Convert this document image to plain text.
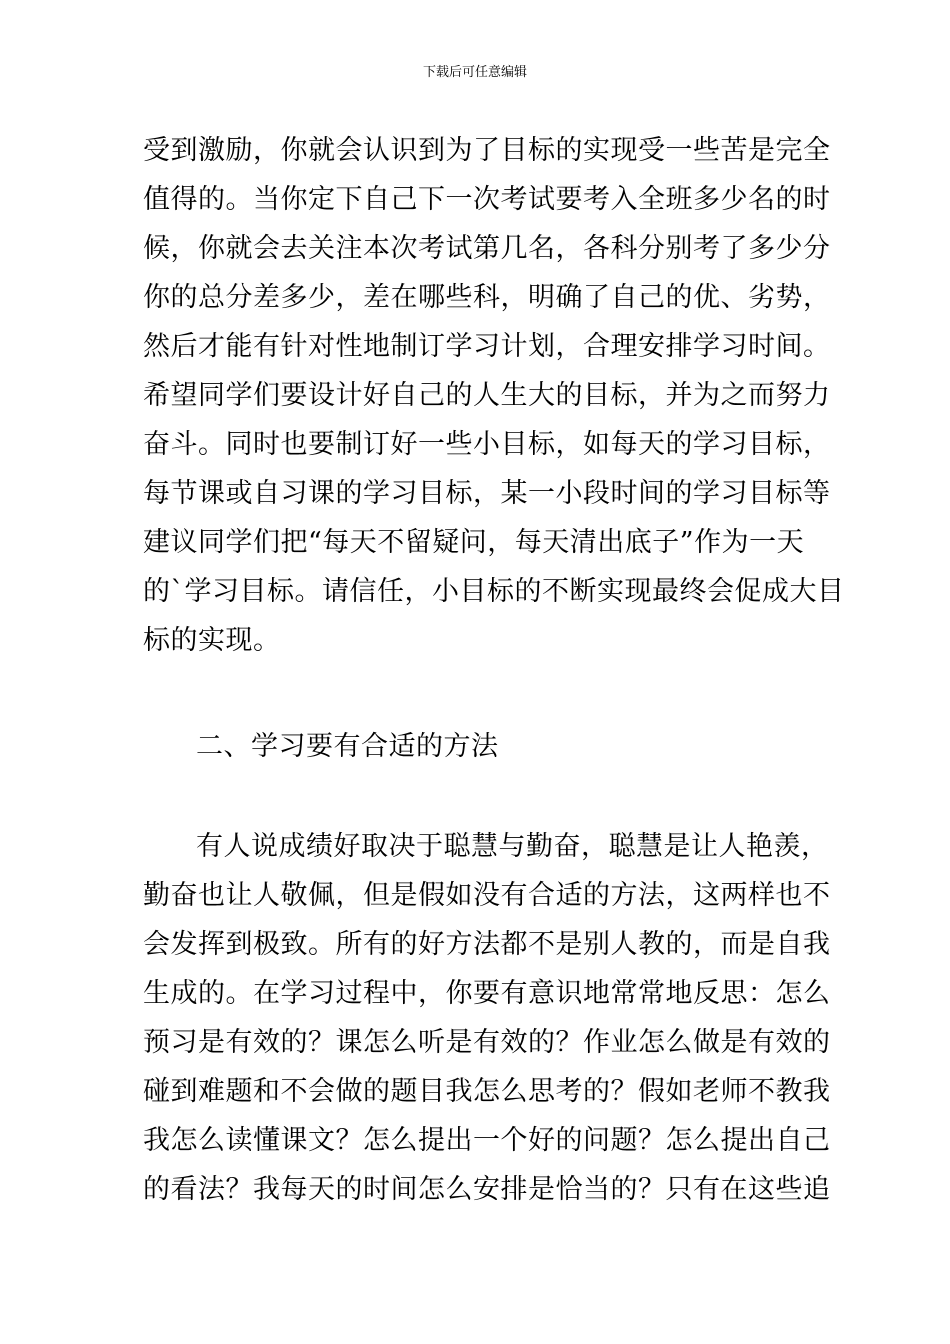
下载后可任意编辑
受到激励，你就会认识到为了目标的实现受一些苦是完全
值得的。当你定下自己下一次考试要考入全班多少名的时
候，你就会去关注本次考试第几名，各科分别考了多少分
你的总分差多少，差在哪些科，明确了自己的优、劣势，
然后才能有针对性地制订学习计划，合理安排学习时间。
希望同学们要设计好自己的人生大的目标，并为之而努力
奋斗。同时也要制订好一些小目标，如每天的学习目标，
每节课或自习课的学习目标，某一小段时间的学习目标等
建议同学们把“每天不留疑问，每天清出底子”作为一天
的`学习目标。请信任，小目标的不断实现最终会促成大目
标的实现。
二、学习要有合适的方法
有人说成绩好取决于聪慧与勤奋，聪慧是让人艳羡，
勤奋也让人敬佩，但是假如没有合适的方法，这两样也不
会发挥到极致。所有的好方法都不是别人教的，而是自我
生成的。在学习过程中，你要有意识地常常地反思：怎么
预习是有效的？课怎么听是有效的？作业怎么做是有效的
碰到难题和不会做的题目我怎么思考的？假如老师不教我
我怎么读懂课文？怎么提出一个好的问题？怎么提出自己
的看法？我每天的时间怎么安排是恰当的？只有在这些追
